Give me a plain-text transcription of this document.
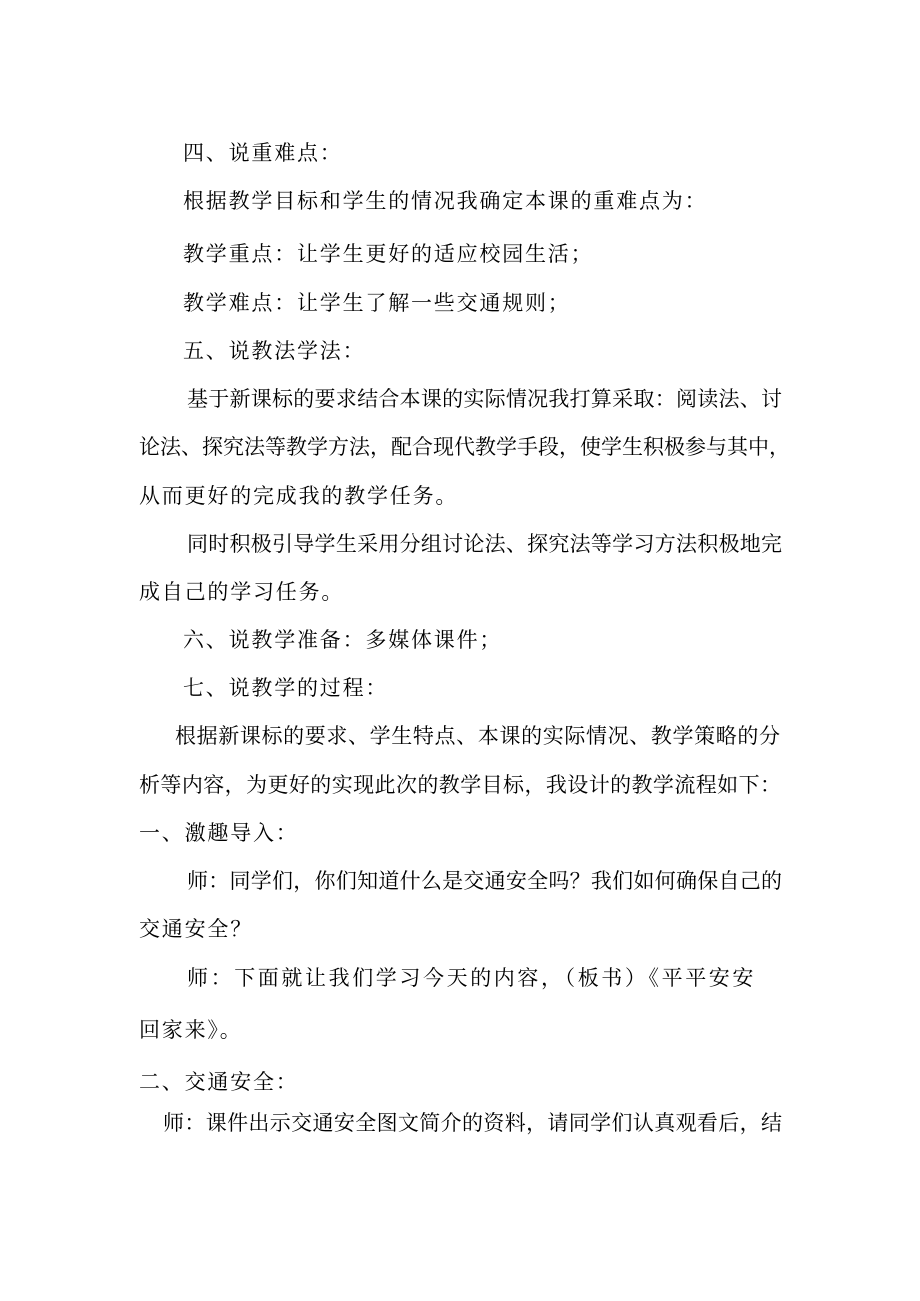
四、说重难点：
根据教学目标和学生的情况我确定本课的重难点为：
教学重点：让学生更好的适应校园生活；
教学难点：让学生了解一些交通规则；
五、说教法学法：
基于新课标的要求结合本课的实际情况我打算采取：阅读法、讨
论法、探究法等教学方法，配合现代教学手段，使学生积极参与其中，
从而更好的完成我的教学任务。
同时积极引导学生采用分组讨论法、探究法等学习方法积极地完
成自己的学习任务。
六、说教学准备：多媒体课件；
七、说教学的过程：
根据新课标的要求、学生特点、本课的实际情况、教学策略的分
析等内容，为更好的实现此次的教学目标，我设计的教学流程如下：
一、激趣导入：
师：同学们，你们知道什么是交通安全吗？我们如何确保自己的
交通安全？
师：下面就让我们学习今天的内容，（板书）《平平安安
回家来》。
二、交通安全：
师：课件出示交通安全图文简介的资料，请同学们认真观看后，结
